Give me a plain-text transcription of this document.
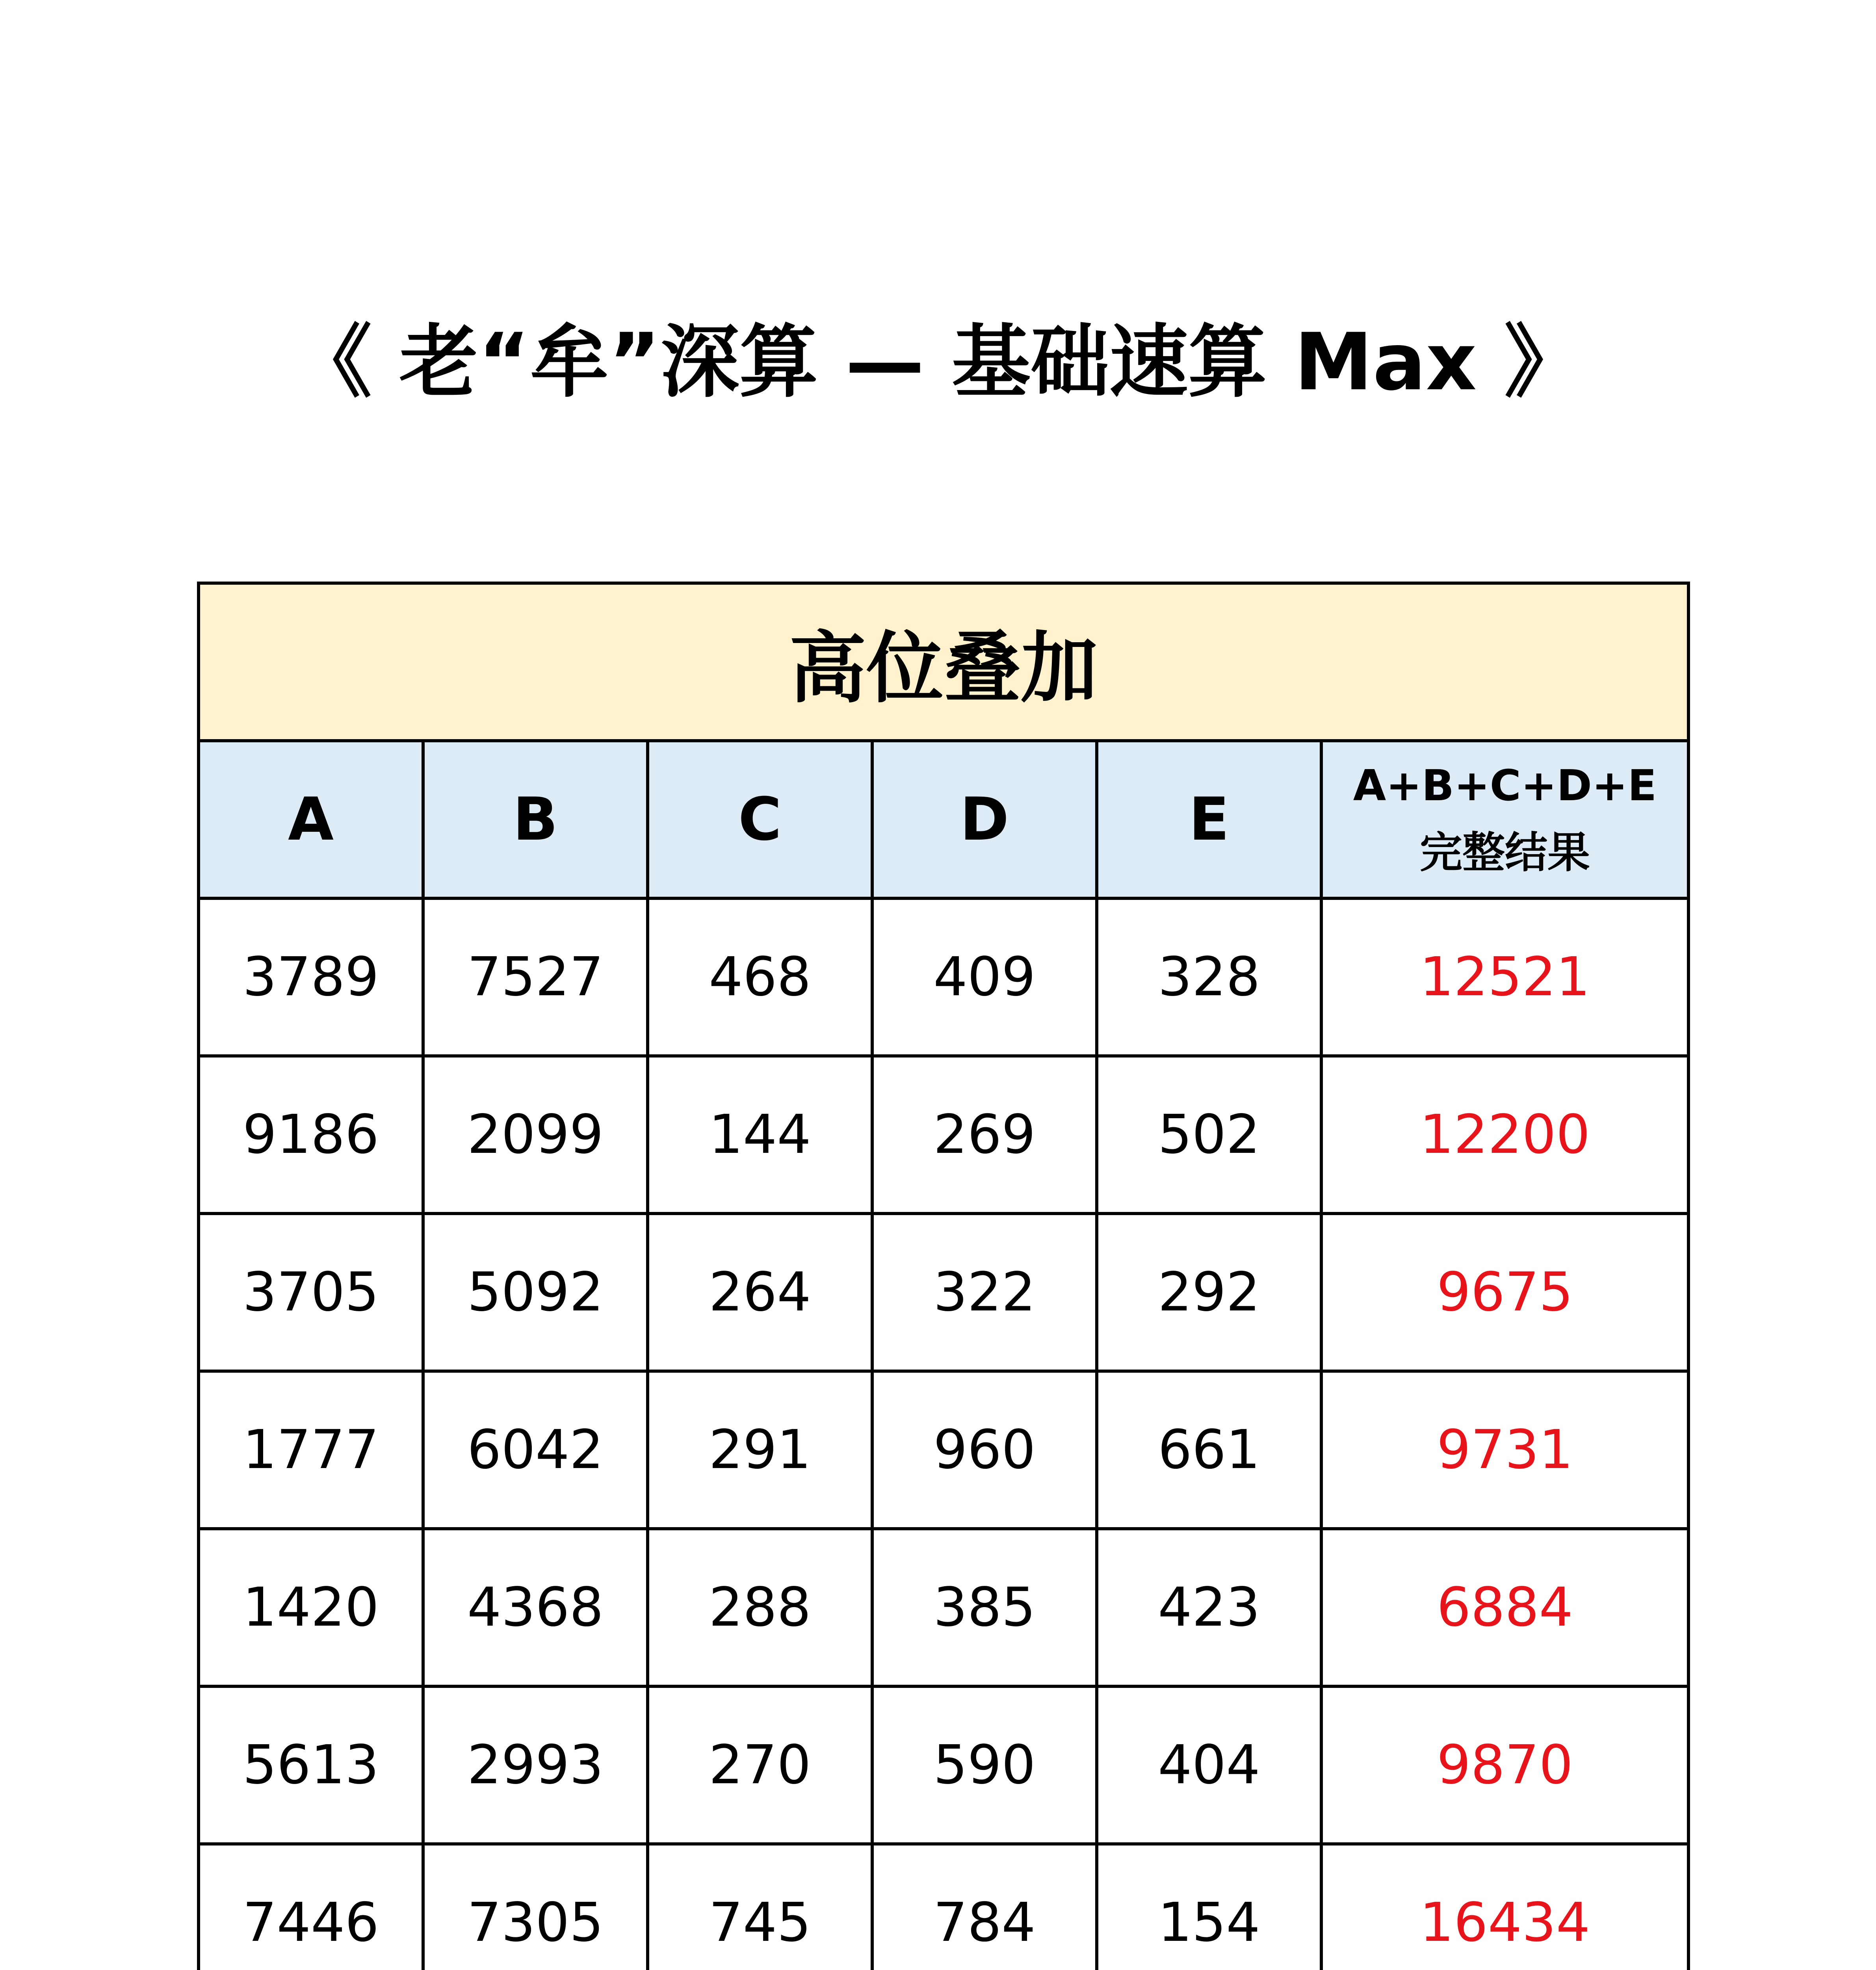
《 老“牟”深算 — 基础速算 Max 》
高位叠加					
A	B	C	D	E	A+B+C+D+E
完整结果

3789	7527	468	409	328	12521
9186	2099	144	269	502	12200
3705	5092	264	322	292	9675
1777	6042	291	960	661	9731
1420	4368	288	385	423	6884
5613	2993	270	590	404	9870
7446	7305	745	784	154	16434
